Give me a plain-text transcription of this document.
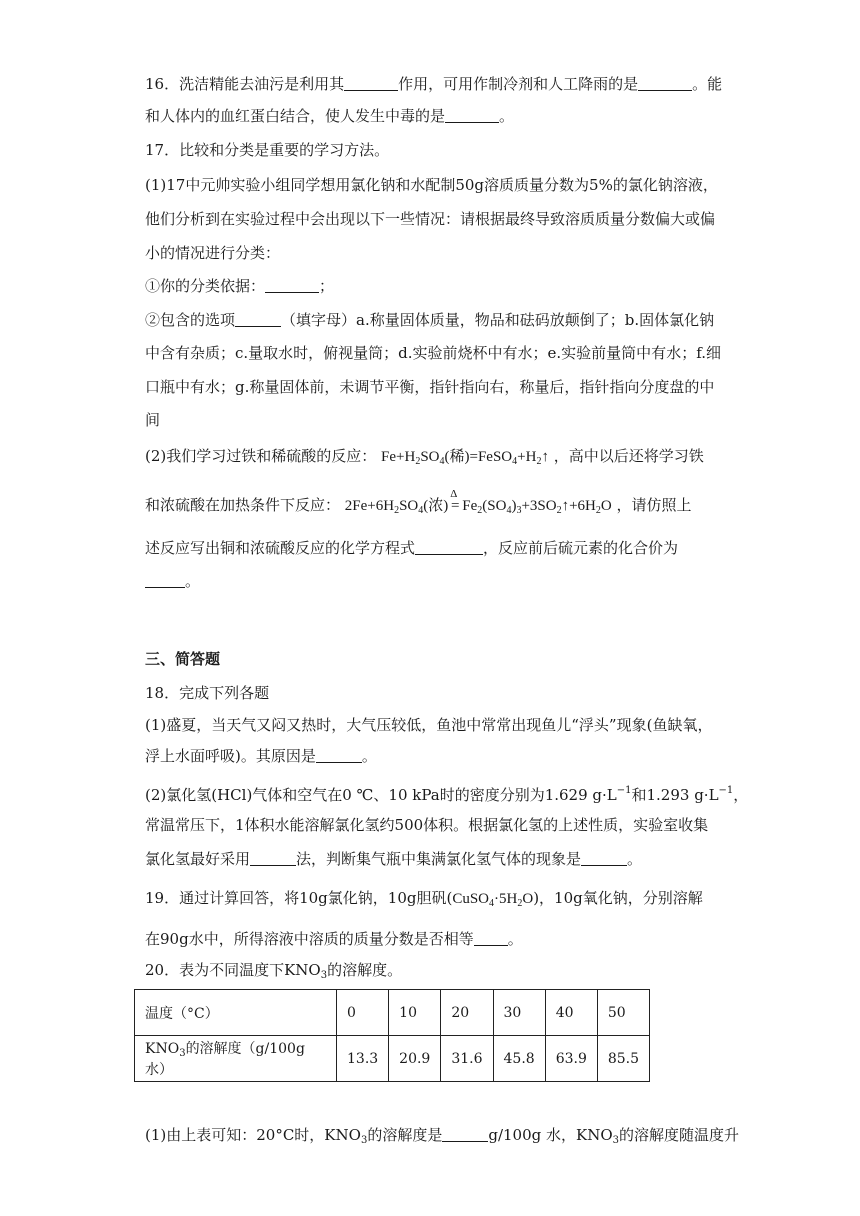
16．洗洁精能去油污是利用其	作用，可用作制冷剂和人工降雨的是	。能
和人体内的血红蛋白结合，使人发生中毒的是	。
17．比较和分类是重要的学习方法。
(1)17中元帅实验小组同学想用氯化钠和水配制50g溶质质量分数为5%的氯化钠溶液，
他们分析到在实验过程中会出现以下一些情况：请根据最终导致溶质质量分数偏大或偏
小的情况进行分类：
①你的分类依据：	；
②包含的选项	（填字母）a.称量固体质量，物品和砝码放颠倒了；b.固体氯化钠
中含有杂质；c.量取水时，俯视量筒；d.实验前烧杯中有水；e.实验前量筒中有水；f.细
口瓶中有水；g.称量固体前，未调节平衡，指针指向右，称量后，指针指向分度盘的中
间
(2)我们学习过铁和稀硫酸的反应： $Fe+H_2SO_4$(稀)$=FeSO_4+H_2↑$ ，高中以后还将学习铁
和浓硫酸在加热条件下反应： $2Fe+6H_2SO_4$(浓)
Δ
= $Fe_2(SO_4)_3+3SO_2↑+6H_2O$ ，请仿照上
述反应写出铜和浓硫酸反应的化学方程式	，反应前后硫元素的化合价为
。
三、简答题
18．完成下列各题
(1)盛夏，当天气又闷又热时，大气压较低，鱼池中常常出现鱼儿“浮头”现象(鱼缺氧，
浮上水面呼吸)。其原因是	。
(2)氯化氢(HCl)气体和空气在0 ℃、10 kPa时的密度分别为1.629 $g\cdot L^{-1}$和1.293 $g\cdot L^{-1}$，
常温常压下，1体积水能溶解氯化氢约500体积。根据氯化氢的上述性质，实验室收集
氯化氢最好采用	法，判断集气瓶中集满氯化氢气体的现象是	。
19．通过计算回答，将10g氯化钠，10g胆矾$(CuSO_4\cdot 5H_2O)$，10g氧化钠，分别溶解
在90g水中，所得溶液中溶质的质量分数是否相等 。
20．表为不同温度下$KNO_3$的溶解度。
温度（°C）	0	10	20	30	40	50
$KNO_3$的溶解度（g/100g 水）	13.3	20.9	31.6	45.8	63.9	85.5
(1)由上表可知：20°C时，$KNO_3$的溶解度是	g/100g 水，$KNO_3$的溶解度随温度升
